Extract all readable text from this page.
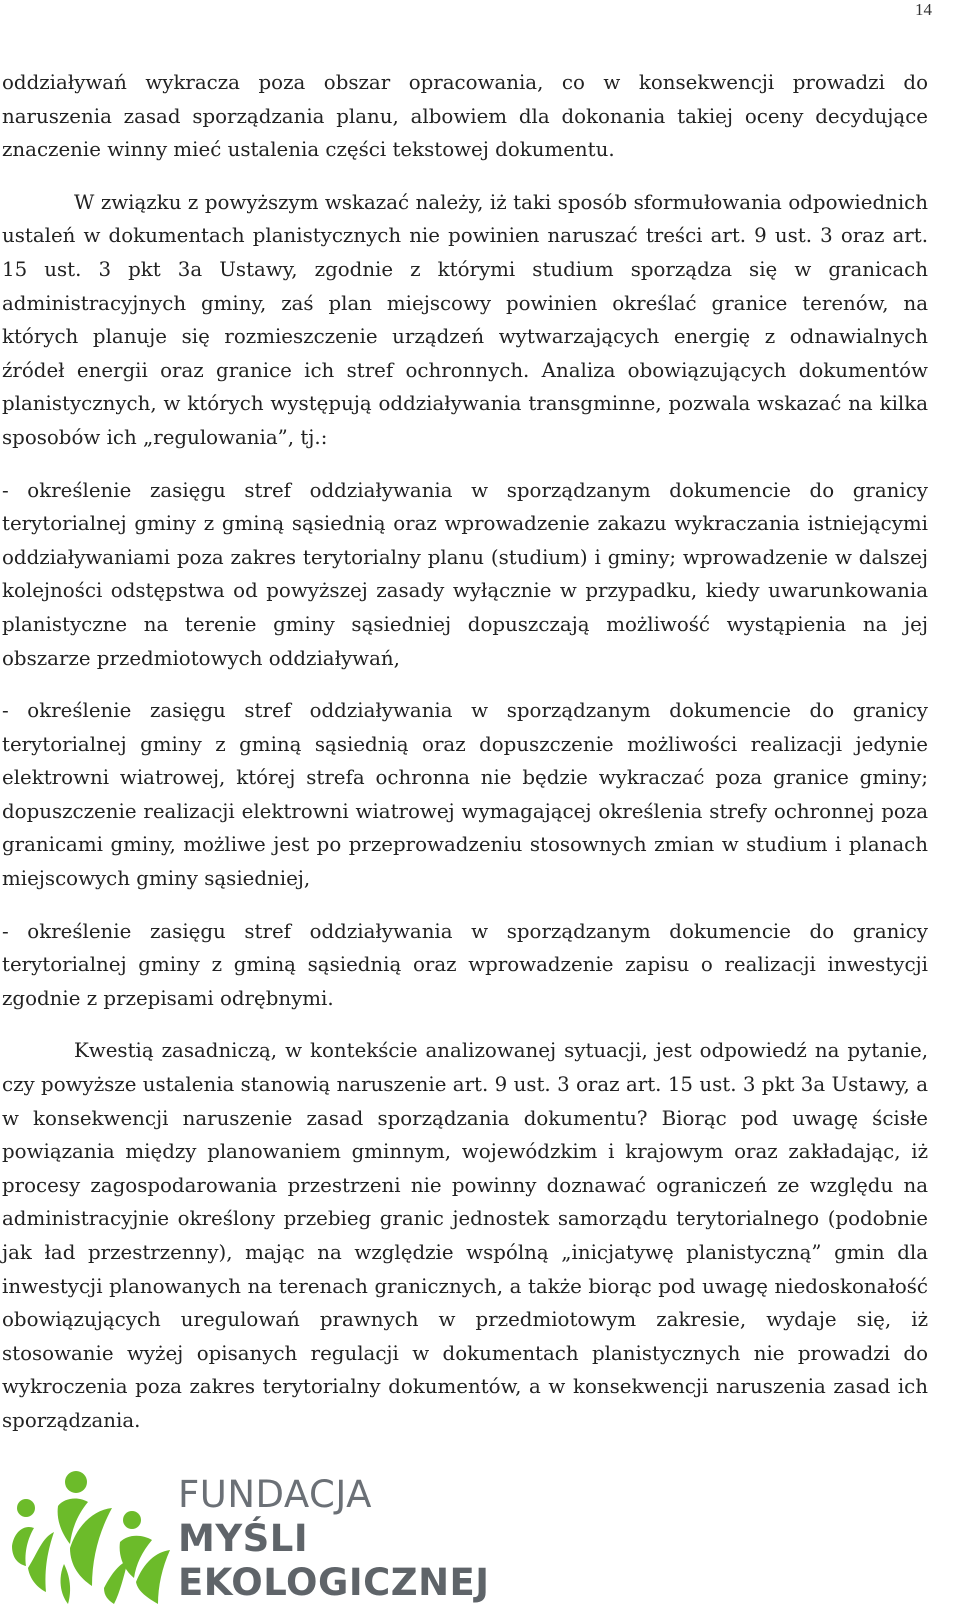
14

oddziaływań wykracza poza obszar opracowania, co w konsekwencji prowadzi do naruszenia zasad sporządzania planu, albowiem dla dokonania takiej oceny decydujące znaczenie winny mieć ustalenia części tekstowej dokumentu.

W związku z powyższym wskazać należy, iż taki sposób sformułowania odpowiednich ustaleń w dokumentach planistycznych nie powinien naruszać treści art. 9 ust. 3 oraz art. 15 ust. 3 pkt 3a Ustawy, zgodnie z którymi studium sporządza się w granicach administracyjnych gminy, zaś plan miejscowy powinien określać granice terenów, na których planuje się rozmieszczenie urządzeń wytwarzających energię z odnawialnych źródeł energii oraz granice ich stref ochronnych. Analiza obowiązujących dokumentów planistycznych, w których występują oddziaływania transgminne, pozwala wskazać na kilka sposobów ich „regulowania”, tj.:

- określenie zasięgu stref oddziaływania w sporządzanym dokumencie do granicy terytorialnej gminy z gminą sąsiednią oraz wprowadzenie zakazu wykraczania istniejącymi oddziaływaniami poza zakres terytorialny planu (studium) i gminy; wprowadzenie w dalszej kolejności odstępstwa od powyższej zasady wyłącznie w przypadku, kiedy uwarunkowania planistyczne na terenie gminy sąsiedniej dopuszczają możliwość wystąpienia na jej obszarze przedmiotowych oddziaływań,

- określenie zasięgu stref oddziaływania w sporządzanym dokumencie do granicy terytorialnej gminy z gminą sąsiednią oraz dopuszczenie możliwości realizacji jedynie elektrowni wiatrowej, której strefa ochronna nie będzie wykraczać poza granice gminy; dopuszczenie realizacji elektrowni wiatrowej wymagającej określenia strefy ochronnej poza granicami gminy, możliwe jest po przeprowadzeniu stosownych zmian w studium i planach miejscowych gminy sąsiedniej,

- określenie zasięgu stref oddziaływania w sporządzanym dokumencie do granicy terytorialnej gminy z gminą sąsiednią oraz wprowadzenie zapisu o realizacji inwestycji zgodnie z przepisami odrębnymi.

Kwestią zasadniczą, w kontekście analizowanej sytuacji, jest odpowiedź na pytanie, czy powyższe ustalenia stanowią naruszenie art. 9 ust. 3 oraz art. 15 ust. 3 pkt 3a Ustawy, a w konsekwencji naruszenie zasad sporządzania dokumentu? Biorąc pod uwagę ścisłe powiązania między planowaniem gminnym, wojewódzkim i krajowym oraz zakładając, iż procesy zagospodarowania przestrzeni nie powinny doznawać ograniczeń ze względu na administracyjnie określony przebieg granic jednostek samorządu terytorialnego (podobnie jak ład przestrzenny), mając na względzie wspólną „inicjatywę planistyczną” gmin dla inwestycji planowanych na terenach granicznych, a także biorąc pod uwagę niedoskonałość obowiązujących uregulowań prawnych w przedmiotowym zakresie, wydaje się, iż stosowanie wyżej opisanych regulacji w dokumentach planistycznych nie prowadzi do wykroczenia poza zakres terytorialny dokumentów, a w konsekwencji naruszenia zasad ich sporządzania.

FUNDACJA
MYŚLI
EKOLOGICZNEJ
